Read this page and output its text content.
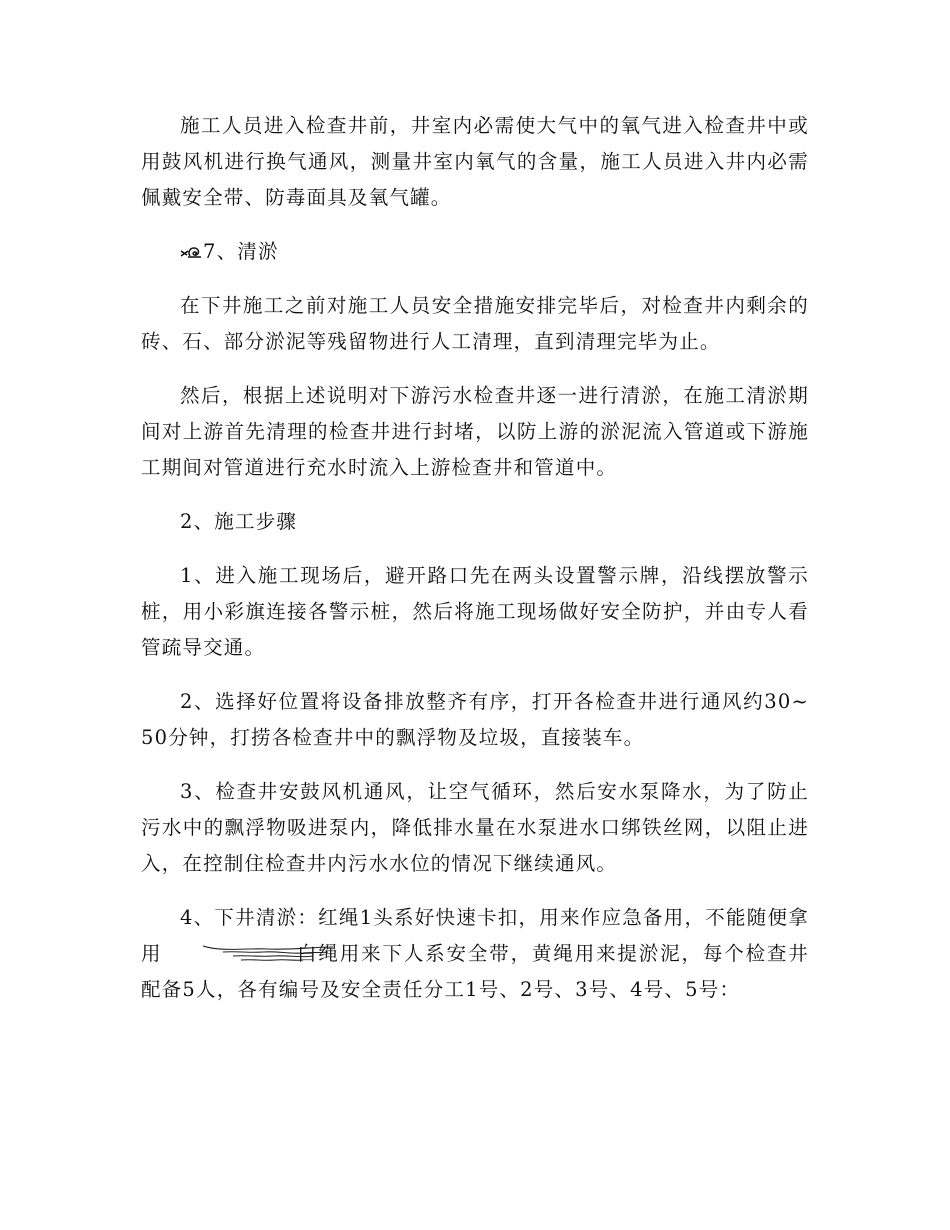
施工人员进入检查井前，井室内必需使大气中的氧气进入检查井中或用鼓风机进行换气通风，测量井室内氧气的含量，施工人员进入井内必需佩戴安全带、防毒面具及氧气罐。

7、清淤

在下井施工之前对施工人员安全措施安排完毕后，对检查井内剩余的砖、石、部分淤泥等残留物进行人工清理，直到清理完毕为止。

然后，根据上述说明对下游污水检查井逐一进行清淤，在施工清淤期间对上游首先清理的检查井进行封堵，以防上游的淤泥流入管道或下游施工期间对管道进行充水时流入上游检查井和管道中。

2、施工步骤

1、进入施工现场后，避开路口先在两头设置警示牌，沿线摆放警示桩，用小彩旗连接各警示桩，然后将施工现场做好安全防护，并由专人看管疏导交通。

2、选择好位置将设备排放整齐有序，打开各检查井进行通风约30~50分钟，打捞各检查井中的飘浮物及垃圾，直接装车。

3、检查井安鼓风机通风，让空气循环，然后安水泵降水，为了防止污水中的飘浮物吸进泵内，降低排水量在水泵进水口绑铁丝网，以阻止进入，在控制住检查井内污水水位的情况下继续通风。

4、下井清淤：红绳1头系好快速卡扣，用来作应急备用，不能随便拿用	白绳用来下人系安全带，黄绳用来提淤泥，每个检查井配备5人，各有编号及安全责任分工1号、2号、3号、4号、5号：
